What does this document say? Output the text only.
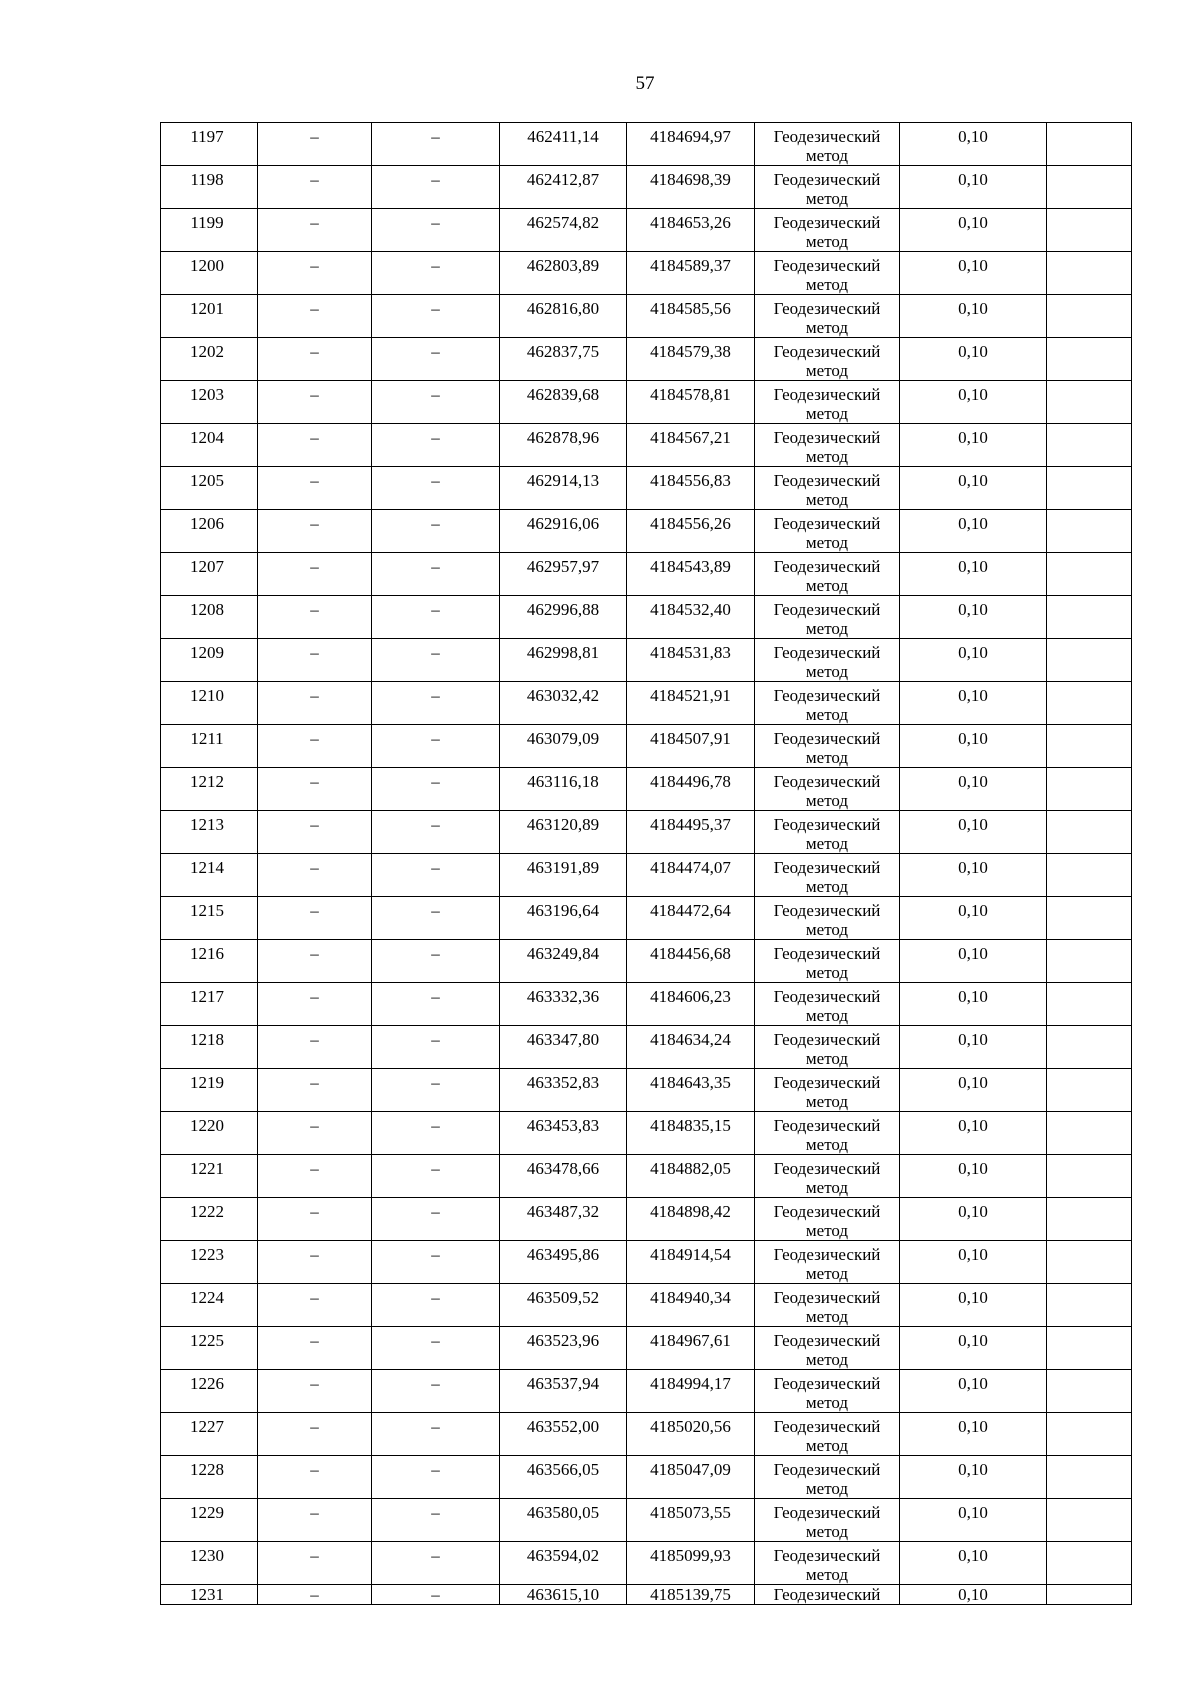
57
1197	–	–	462411,14	4184694,97	Геодезический
метод	0,10	

1198	–	–	462412,87	4184698,39	Геодезический
метод	0,10	

1199	–	–	462574,82	4184653,26	Геодезический
метод	0,10	

1200	–	–	462803,89	4184589,37	Геодезический
метод	0,10	

1201	–	–	462816,80	4184585,56	Геодезический
метод	0,10	

1202	–	–	462837,75	4184579,38	Геодезический
метод	0,10	

1203	–	–	462839,68	4184578,81	Геодезический
метод	0,10	

1204	–	–	462878,96	4184567,21	Геодезический
метод	0,10	

1205	–	–	462914,13	4184556,83	Геодезический
метод	0,10	

1206	–	–	462916,06	4184556,26	Геодезический
метод	0,10	

1207	–	–	462957,97	4184543,89	Геодезический
метод	0,10	

1208	–	–	462996,88	4184532,40	Геодезический
метод	0,10	

1209	–	–	462998,81	4184531,83	Геодезический
метод	0,10	

1210	–	–	463032,42	4184521,91	Геодезический
метод	0,10	

1211	–	–	463079,09	4184507,91	Геодезический
метод	0,10	

1212	–	–	463116,18	4184496,78	Геодезический
метод	0,10	

1213	–	–	463120,89	4184495,37	Геодезический
метод	0,10	

1214	–	–	463191,89	4184474,07	Геодезический
метод	0,10	

1215	–	–	463196,64	4184472,64	Геодезический
метод	0,10	

1216	–	–	463249,84	4184456,68	Геодезический
метод	0,10	

1217	–	–	463332,36	4184606,23	Геодезический
метод	0,10	

1218	–	–	463347,80	4184634,24	Геодезический
метод	0,10	

1219	–	–	463352,83	4184643,35	Геодезический
метод	0,10	

1220	–	–	463453,83	4184835,15	Геодезический
метод	0,10	

1221	–	–	463478,66	4184882,05	Геодезический
метод	0,10	

1222	–	–	463487,32	4184898,42	Геодезический
метод	0,10	

1223	–	–	463495,86	4184914,54	Геодезический
метод	0,10	

1224	–	–	463509,52	4184940,34	Геодезический
метод	0,10	

1225	–	–	463523,96	4184967,61	Геодезический
метод	0,10	

1226	–	–	463537,94	4184994,17	Геодезический
метод	0,10	

1227	–	–	463552,00	4185020,56	Геодезический
метод	0,10	

1228	–	–	463566,05	4185047,09	Геодезический
метод	0,10	

1229	–	–	463580,05	4185073,55	Геодезический
метод	0,10	

1230	–	–	463594,02	4185099,93	Геодезический
метод	0,10	

1231	–	–	463615,10	4185139,75	Геодезический	0,10	
